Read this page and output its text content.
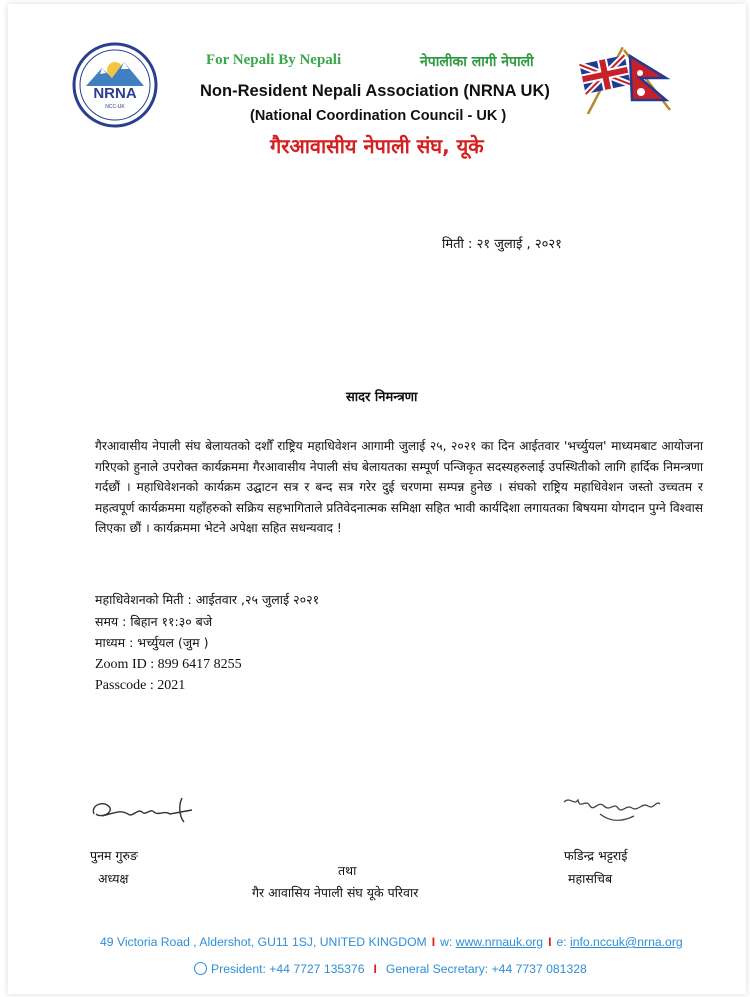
NRNA
NCC-UK
For Nepali By Nepali	नेपालीका लागी नेपाली
Non-Resident Nepali Association (NRNA UK)
(National Coordination Council - UK )
गैरआवासीय नेपाली संघ, यूके
मिती : २१ जुलाई , २०२१
सादर निमन्त्रणा
गैरआवासीय नेपाली संघ बेलायतको दशौँ राष्ट्रिय महाधिवेशन आगामी जुलाई २५, २०२१ का दिन आईतवार 'भर्च्युयल' माध्यमबाट आयोजना गरिएको हुनाले उपरोक्त कार्यक्रममा गैरआवासीय नेपाली संघ बेलायतका सम्पूर्ण पन्जिकृत सदस्यहरुलाई उपस्थितीको लागि हार्दिक निमन्त्रणा गर्दछौं । महाधिवेशनको कार्यक्रम उद्घाटन सत्र र बन्द सत्र गरेर दुई चरणमा सम्पन्न हुनेछ । संघको राष्ट्रिय महाधिवेशन जस्तो उच्चतम र महत्वपूर्ण कार्यक्रममा यहाँहरुको सक्रिय सहभागिताले प्रतिवेदनात्मक समिक्षा सहित भावी कार्यदिशा लगायतका बिषयमा योगदान पुग्ने विश्वास लिएका छौं । कार्यक्रममा भेटने अपेक्षा सहित सधन्यवाद !
महाधिवेशनको मिती : आईतवार ,२५ जुलाई २०२१
समय : बिहान ११:३० बजे
माध्यम : भर्च्युयल (जुम )
Zoom ID : 899 6417 8255
Passcode : 2021
पुनम गुरुङ
अध्यक्ष
तथा
गैर आवासिय नेपाली संघ यूके परिवार
फडिन्द्र भट्टराई
महासचिब
49 Victoria Road , Aldershot, GU11 1SJ, UNITED KINGDOM I w: www.nrnauk.org I e: info.nccuk@nrna.org
President: +44 7727 135376 I General Secretary: +44 7737 081328
